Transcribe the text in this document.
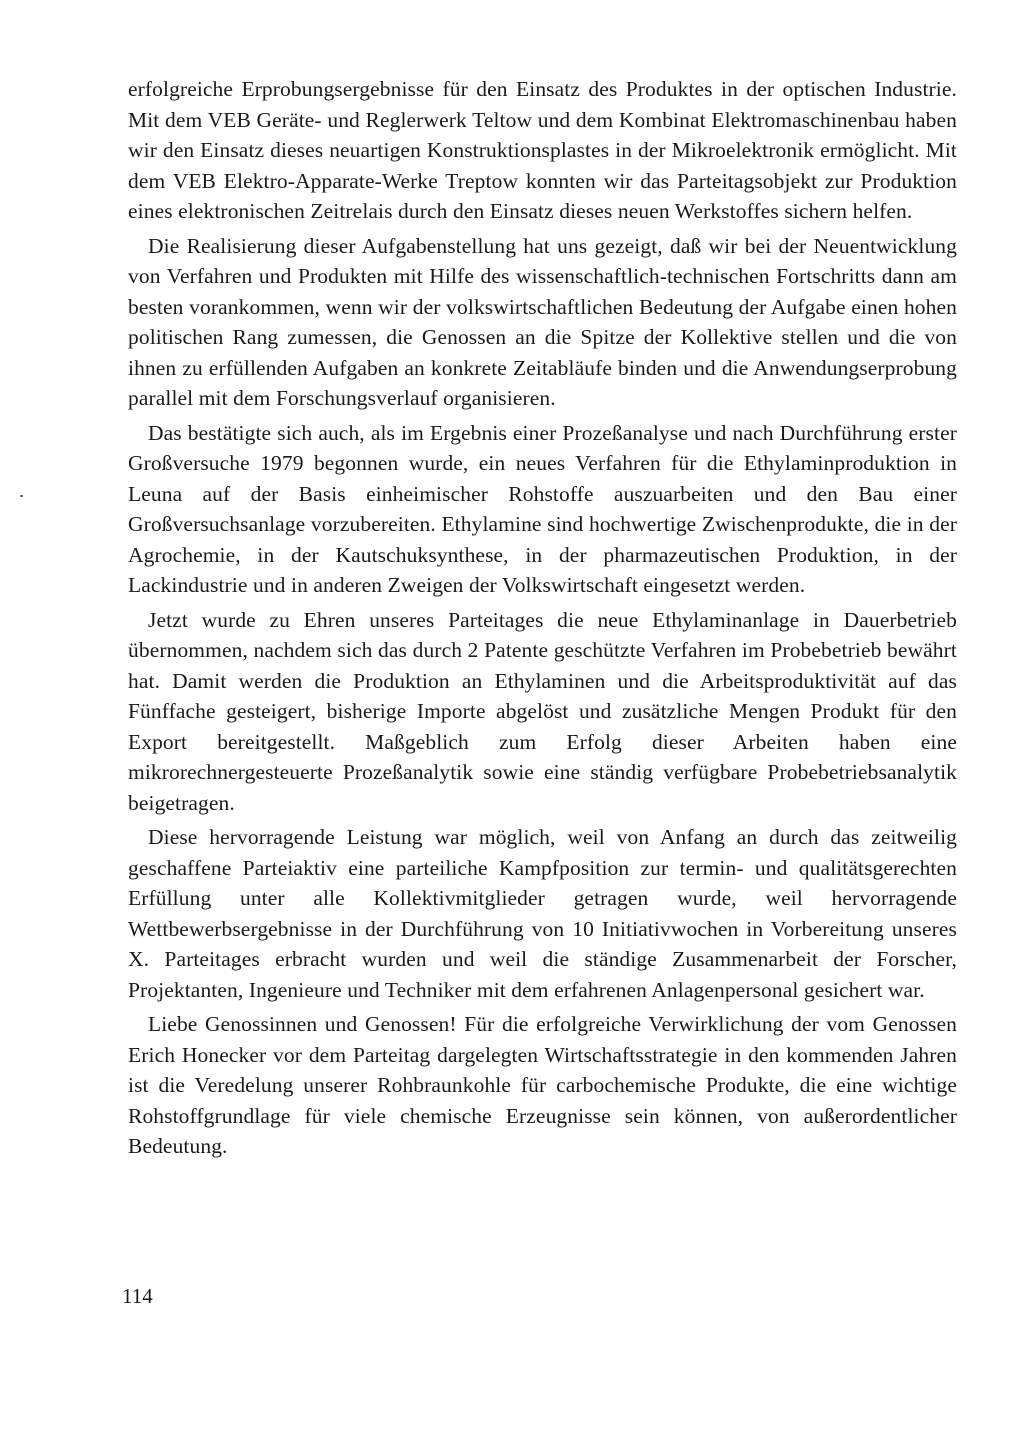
erfolgreiche Erprobungsergebnisse für den Einsatz des Produktes in der optischen Industrie. Mit dem VEB Geräte- und Reglerwerk Teltow und dem Kombinat Elektromaschinenbau haben wir den Einsatz dieses neuartigen Konstruktionsplastes in der Mikroelektronik ermöglicht. Mit dem VEB Elektro-Apparate-Werke Treptow konnten wir das Parteitagsobjekt zur Produktion eines elektronischen Zeitrelais durch den Einsatz dieses neuen Werkstoffes sichern helfen.

Die Realisierung dieser Aufgabenstellung hat uns gezeigt, daß wir bei der Neuentwicklung von Verfahren und Produkten mit Hilfe des wissenschaftlich-technischen Fortschritts dann am besten vorankommen, wenn wir der volkswirtschaftlichen Bedeutung der Aufgabe einen hohen politischen Rang zumessen, die Genossen an die Spitze der Kollektive stellen und die von ihnen zu erfüllenden Aufgaben an konkrete Zeitabläufe binden und die Anwendungserprobung parallel mit dem Forschungsverlauf organisieren.

Das bestätigte sich auch, als im Ergebnis einer Prozeßanalyse und nach Durchführung erster Großversuche 1979 begonnen wurde, ein neues Verfahren für die Ethylaminproduktion in Leuna auf der Basis einheimischer Rohstoffe auszuarbeiten und den Bau einer Großversuchsanlage vorzubereiten. Ethylamine sind hochwertige Zwischenprodukte, die in der Agrochemie, in der Kautschuksynthese, in der pharmazeutischen Produktion, in der Lackindustrie und in anderen Zweigen der Volkswirtschaft eingesetzt werden.

Jetzt wurde zu Ehren unseres Parteitages die neue Ethylaminanlage in Dauerbetrieb übernommen, nachdem sich das durch 2 Patente geschützte Verfahren im Probebetrieb bewährt hat. Damit werden die Produktion an Ethylaminen und die Arbeitsproduktivität auf das Fünffache gesteigert, bisherige Importe abgelöst und zusätzliche Mengen Produkt für den Export bereitgestellt. Maßgeblich zum Erfolg dieser Arbeiten haben eine mikrorechnergesteuerte Prozeßanalytik sowie eine ständig verfügbare Probebetriebsanalytik beigetragen.

Diese hervorragende Leistung war möglich, weil von Anfang an durch das zeitweilig geschaffene Parteiaktiv eine parteiliche Kampfposition zur termin- und qualitätsgerechten Erfüllung unter alle Kollektivmitglieder getragen wurde, weil hervorragende Wettbewerbsergebnisse in der Durchführung von 10 Initiativwochen in Vorbereitung unseres X. Parteitages erbracht wurden und weil die ständige Zusammenarbeit der Forscher, Projektanten, Ingenieure und Techniker mit dem erfahrenen Anlagenpersonal gesichert war.

Liebe Genossinnen und Genossen! Für die erfolgreiche Verwirklichung der vom Genossen Erich Honecker vor dem Parteitag dargelegten Wirtschaftsstrategie in den kommenden Jahren ist die Veredelung unserer Rohbraunkohle für carbochemische Produkte, die eine wichtige Rohstoffgrundlage für viele chemische Erzeugnisse sein können, von außerordentlicher Bedeutung.

114
